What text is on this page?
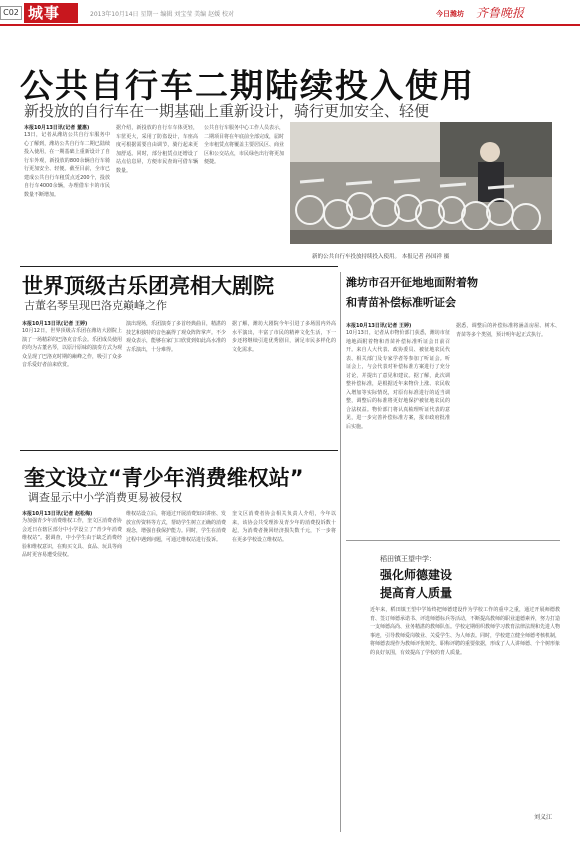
C02 城事	2013年10月14日 星期一 编辑 刘宝莹 美编 赵媛 校对	今日潍坊 齐鲁晚报
公共自行车二期陆续投入使用
新投放的自行车在一期基础上重新设计，骑行更加安全、轻便
本报10月13日讯(记者 董惠)
13日，记者从潍坊公共自行车服务中心了解到，潍坊公共自行车二期已陆续投入使用，在一期基础上重新设计了自行车外观，新投放的800余辆自行车骑行更加安全、轻便。截至目前，全市已建成公共自行车租赁点近200个，投放自行车4000余辆，办理借车卡的市民数量不断增加。
据介绍，新投放的自行车车体更轻，车筐更大，采用了防盗设计，车座高度可根据需要自由调节，骑行起来更加舒适。同时，部分租赁点还增设了站点信息屏，方便市民查询可借车辆数量。
公共自行车服务中心工作人员表示，二期项目将在年底前全部完成，届时全市租赁点将覆盖主要居民区、商业区和公交站点，市民绿色出行将更加便捷。
新的公共自行车投放持续投入使用。 本报记者 孙国祥 摄
世界顶级古乐团亮相大剧院
古董名琴呈现巴洛克巅峰之作
本报10月13日讯(记者 王婷)
10月12日，世界顶级古乐团在潍坊大剧院上演了一场精彩的巴洛克音乐会。乐团成员使用的均为古董名琴，以原汁原味的演奏方式为观众呈现了巴洛克时期的巅峰之作，吸引了众多音乐爱好者前来欣赏。
演出现场，乐团演奏了多首经典曲目，精湛的技艺和独特的音色赢得了观众阵阵掌声。不少观众表示，能够在家门口欣赏到如此高水准的古乐演出，十分难得。
据了解，潍坊大剧院今年引进了多场国内外高水平演出，丰富了市民的精神文化生活，下一步还将继续引进优秀剧目，满足市民多样化的文化需求。
奎文设立“青少年消费维权站”
调查显示中小学消费更易被侵权
本报10月13日讯(记者 赵松梅)
为加强青少年消费维权工作，奎文区消费者协会近日在辖区部分中小学设立了“青少年消费维权站”。据调查，中小学生由于缺乏消费经验和维权意识，在购买文具、食品、玩具等商品时更容易遭受侵权。
维权站设立后，将通过开展消费知识讲座、发放宣传资料等方式，帮助学生树立正确的消费观念，增强自我保护能力。同时，学生在消费过程中遇到问题，可通过维权站进行投诉。
奎文区消费者协会相关负责人介绍，今年以来，该协会共受理涉及青少年的消费投诉数十起，为消费者挽回经济损失数千元，下一步将在更多学校设立维权站。
潍坊市召开征地地面附着物
和青苗补偿标准听证会
本报10月13日讯(记者 王婷)
10月13日，记者从市物价部门获悉，潍坊市征地地面附着物和青苗补偿标准听证会日前召开。来自人大代表、政协委员、被征地农民代表、相关部门及专家学者等参加了听证会。听证会上，与会代表对补偿标准方案进行了充分讨论，并提出了意见和建议。据了解，此次调整补偿标准，是根据近年来物价上涨、农民收入增加等实际情况，对原有标准进行的适当调整，调整后的标准将更好地保护被征地农民的合法权益。物价部门将认真梳理听证代表的意见，进一步完善补偿标准方案，报市政府批准后实施。
据悉，调整后的补偿标准将涵盖房屋、树木、青苗等多个类别，预计明年起正式执行。
稻田镇王望中学：
强化师德建设
提高育人质量
近年来，稻田镇王望中学始终把师德建设作为学校工作的重中之重，通过开展师德教育、签订师德承诺书、评选师德标兵等活动，不断提高教师的职业道德素养，努力打造一支师德高尚、业务精湛的教师队伍。学校定期组织教师学习教育法律法规和先进人物事迹，引导教师爱岗敬业、关爱学生、为人师表。同时，学校建立健全师德考核机制，将师德表现作为教师评优树先、职称评聘的重要依据，形成了人人讲师德、个个树形象的良好氛围，有效提高了学校的育人质量。
刘义江
